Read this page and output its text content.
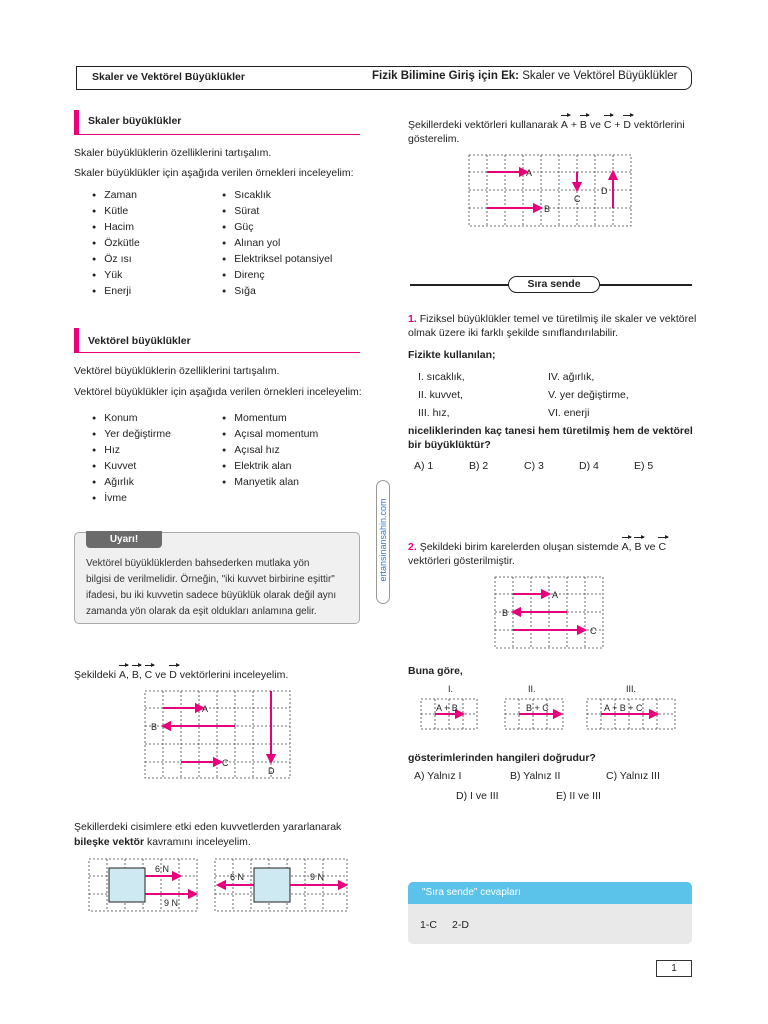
Skaler ve Vektörel Büyüklükler	Fizik Bilimine Giriş için Ek: Skaler ve Vektörel Büyüklükler
Skaler büyüklükler
Skaler büyüklüklerin özelliklerini tartışalım.
Skaler büyüklükler için aşağıda verilen örnekleri inceleyelim:
● Zaman
● Kütle
● Hacim
● Özkütle
● Öz ısı
● Yük
● Enerji
● Sıcaklık
● Sürat
● Güç
● Alınan yol
● Elektriksel potansiyel
● Direnç
● Sığa
Vektörel büyüklükler
Vektörel büyüklüklerin özelliklerini tartışalım.
Vektörel büyüklükler için aşağıda verilen örnekleri inceleyelim:
● Konum
● Yer değiştirme
● Hız
● Kuvvet
● Ağırlık
● İvme
● Momentum
● Açısal momentum
● Açısal hız
● Elektrik alan
● Manyetik alan
Uyarı!
Vektörel büyüklüklerden bahsederken mutlaka yön
bilgisi de verilmelidir. Örneğin, "iki kuvvet birbirine eşittir"
ifadesi, bu iki kuvvetin sadece büyüklük olarak değil aynı
zamanda yön olarak da eşit oldukları anlamına gelir.
Şekildeki A, B, C ve D vektörlerini inceleyelim.
A
B
C
D
Şekillerdeki cisimlere etki eden kuvvetlerden yararlanarak
bileşke vektör kavramını inceleyelim.
6 N
9 N
6 N	9 N
ertansinansahin.com
Şekillerdeki vektörleri kullanarak A + B ve C + D vektörlerini
gösterelim.
A
B
C
D
Sıra sende
1. Fiziksel büyüklükler temel ve türetilmiş ile skaler ve vektörel
olmak üzere iki farklı şekilde sınıflandırılabilir.
Fizikte kullanılan;
I. sıcaklık,
II. kuvvet,
III. hız,
IV. ağırlık,
V. yer değiştirme,
VI. enerji
niceliklerinden kaç tanesi hem türetilmiş hem de vektörel
bir büyüklüktür?
A) 1	B) 2	C) 3	D) 4	E) 5
2. Şekildeki birim karelerden oluşan sistemde A, B ve C
vektörleri gösterilmiştir.
A
B
C
Buna göre,
I.	II.	III.
A + B	B + C	A + B + C
gösterimlerinden hangileri doğrudur?
A) Yalnız I	B) Yalnız II	C) Yalnız III
D) I ve III	E) II ve III
"Sıra sende" cevapları
1-C 2-D
1
